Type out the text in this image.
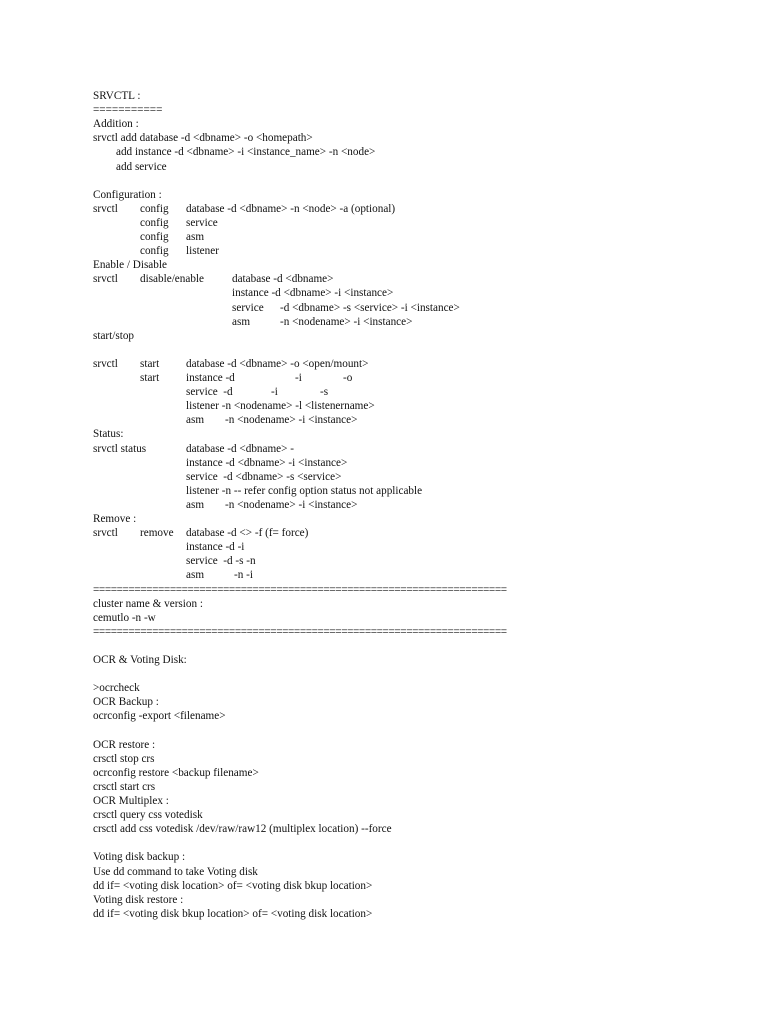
SRVCTL :
===========
Addition :
srvctl add database -d <dbname> -o <homepath>
add instance -d <dbname> -i <instance_name> -n <node>
add service
Configuration :
srvctl config database -d <dbname> -n <node> -a (optional)
config service
config asm
config listener
Enable / Disable
srvctl disable/enable	database -d <dbname>
instance -d <dbname> -i <instance>
service -d <dbname> -s <service> -i <instance>
asm	-n <nodename> -i <instance>
start/stop
srvctl start database -d <dbname> -o <open/mount>
start instance -d	-i	-o
service  -d	-i	-s
listener -n <nodename> -l <listenername>
asm -n <nodename> -i <instance>
Status:
srvctl status	database -d <dbname> -
instance -d <dbname> -i <instance>
service  -d <dbname> -s <service>
listener -n -- refer config option status not applicable
asm -n <nodename> -i <instance>
Remove :
srvctl remove database -d <> -f (f= force)
instance -d -i
service  -d -s -n
asm	-n -i
======================================================================
cluster name & version :
cemutlo -n -w
======================================================================
OCR & Voting Disk:
>ocrcheck
OCR Backup :
ocrconfig -export <filename>
OCR restore :
crsctl stop crs
ocrconfig restore <backup filename>
crsctl start crs
OCR Multiplex :
crsctl query css votedisk
crsctl add css votedisk /dev/raw/raw12 (multiplex location) --force
Voting disk backup :
Use dd command to take Voting disk
dd if= <voting disk location> of= <voting disk bkup location>
Voting disk restore :
dd if= <voting disk bkup location> of= <voting disk location>
